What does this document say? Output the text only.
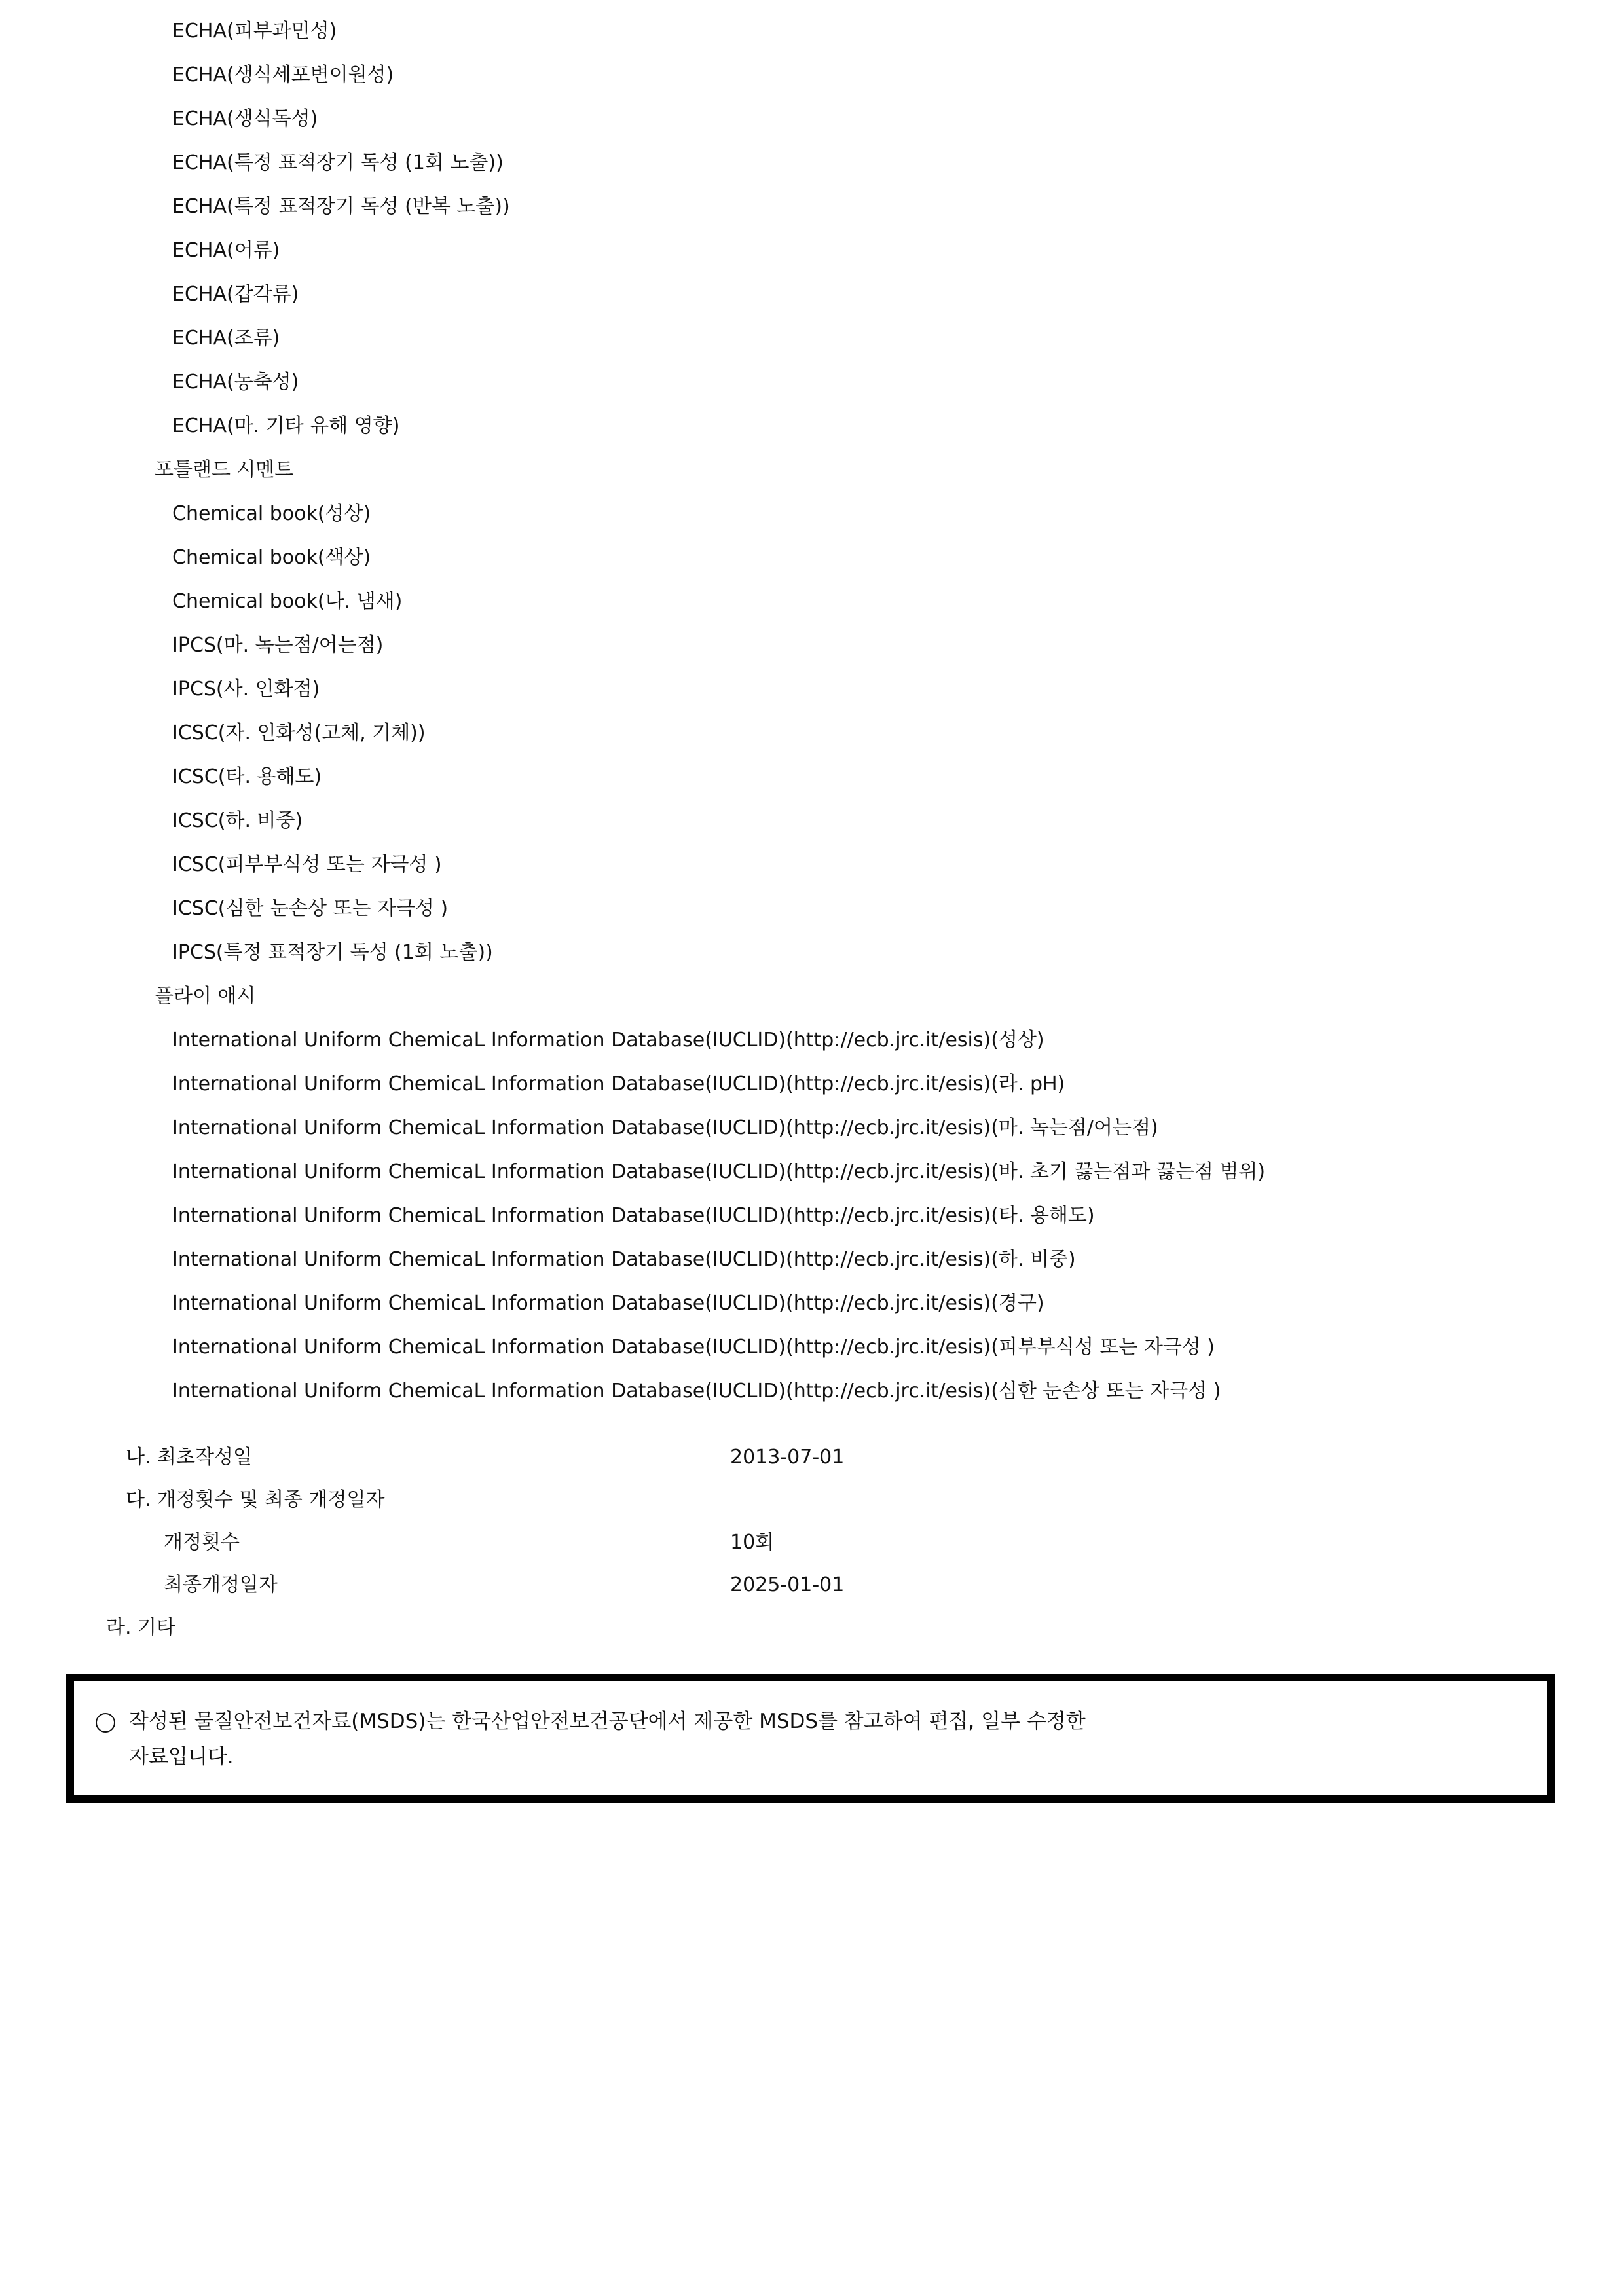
ECHA(피부과민성)
ECHA(생식세포변이원성)
ECHA(생식독성)
ECHA(특정 표적장기 독성 (1회 노출))
ECHA(특정 표적장기 독성 (반복 노출))
ECHA(어류)
ECHA(갑각류)
ECHA(조류)
ECHA(농축성)
ECHA(마. 기타 유해 영향)
포틀랜드 시멘트
Chemical book(성상)
Chemical book(색상)
Chemical book(나. 냄새)
IPCS(마. 녹는점/어는점)
IPCS(사. 인화점)
ICSC(자. 인화성(고체, 기체))
ICSC(타. 용해도)
ICSC(하. 비중)
ICSC(피부부식성 또는 자극성 )
ICSC(심한 눈손상 또는 자극성 )
IPCS(특정 표적장기 독성 (1회 노출))
플라이 애시
International Uniform ChemicaL Information Database(IUCLID)(http://ecb.jrc.it/esis)(성상)
International Uniform ChemicaL Information Database(IUCLID)(http://ecb.jrc.it/esis)(라. pH)
International Uniform ChemicaL Information Database(IUCLID)(http://ecb.jrc.it/esis)(마. 녹는점/어는점)
International Uniform ChemicaL Information Database(IUCLID)(http://ecb.jrc.it/esis)(바. 초기 끓는점과 끓는점 범위)
International Uniform ChemicaL Information Database(IUCLID)(http://ecb.jrc.it/esis)(타. 용해도)
International Uniform ChemicaL Information Database(IUCLID)(http://ecb.jrc.it/esis)(하. 비중)
International Uniform ChemicaL Information Database(IUCLID)(http://ecb.jrc.it/esis)(경구)
International Uniform ChemicaL Information Database(IUCLID)(http://ecb.jrc.it/esis)(피부부식성 또는 자극성 )
International Uniform ChemicaL Information Database(IUCLID)(http://ecb.jrc.it/esis)(심한 눈손상 또는 자극성 )
나. 최초작성일	2013-07-01
다. 개정횟수 및 최종 개정일자
개정횟수	10회
최종개정일자	2025-01-01
라. 기타
작성된 물질안전보건자료(MSDS)는 한국산업안전보건공단에서 제공한 MSDS를 참고하여 편집, 일부 수정한
자료입니다.
